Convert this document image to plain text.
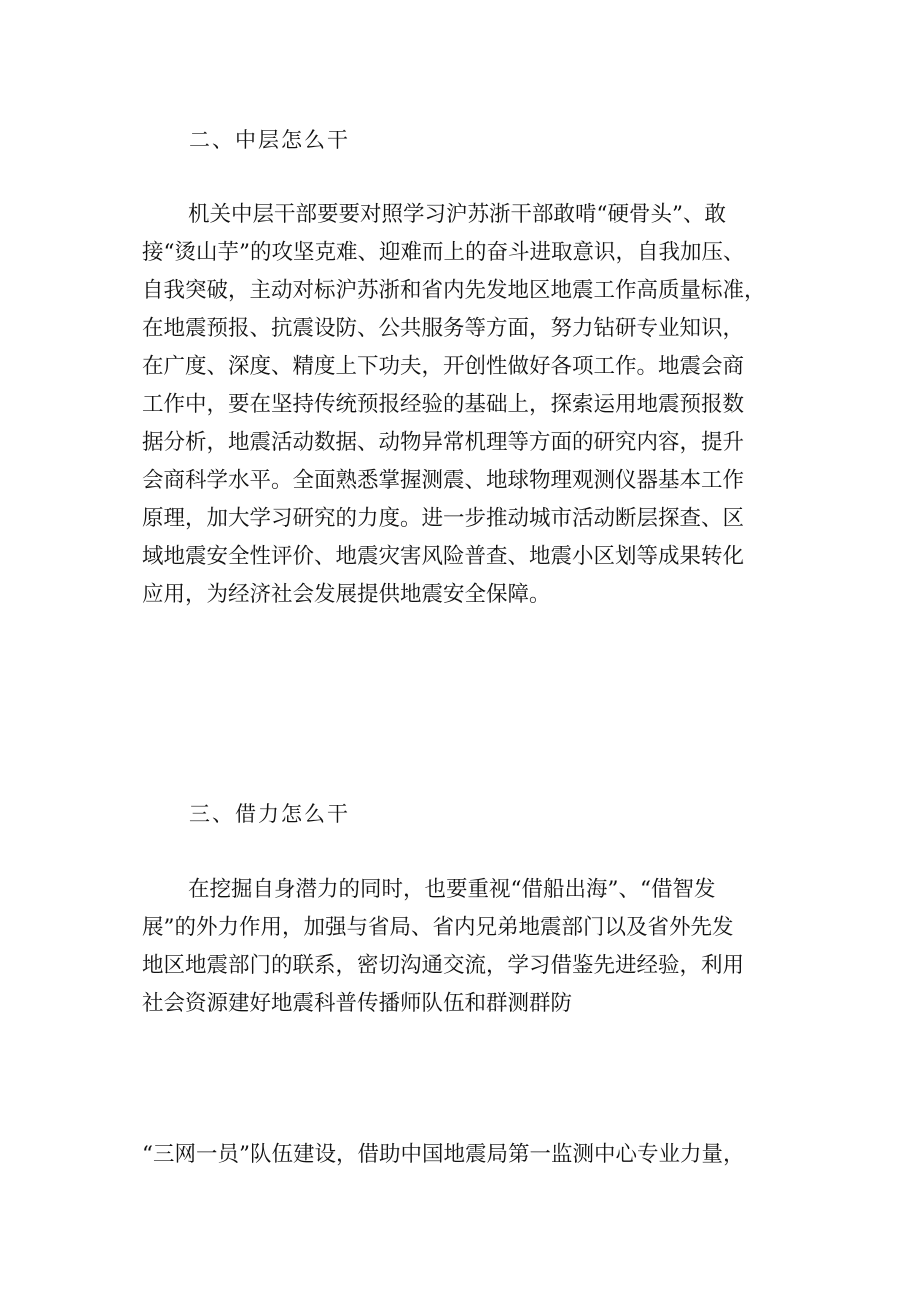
二、中层怎么干
机关中层干部要要对照学习沪苏浙干部敢啃“硬骨头”、敢
接“烫山芋”的攻坚克难、迎难而上的奋斗进取意识，自我加压、
自我突破，主动对标沪苏浙和省内先发地区地震工作高质量标准，
在地震预报、抗震设防、公共服务等方面，努力钻研专业知识，
在广度、深度、精度上下功夫，开创性做好各项工作。地震会商
工作中，要在坚持传统预报经验的基础上，探索运用地震预报数
据分析，地震活动数据、动物异常机理等方面的研究内容，提升
会商科学水平。全面熟悉掌握测震、地球物理观测仪器基本工作
原理，加大学习研究的力度。进一步推动城市活动断层探查、区
域地震安全性评价、地震灾害风险普查、地震小区划等成果转化
应用，为经济社会发展提供地震安全保障。
三、借力怎么干
在挖掘自身潜力的同时，也要重视“借船出海”、“借智发
展”的外力作用，加强与省局、省内兄弟地震部门以及省外先发
地区地震部门的联系，密切沟通交流，学习借鉴先进经验，利用
社会资源建好地震科普传播师队伍和群测群防
“三网一员”队伍建设，借助中国地震局第一监测中心专业力量，
